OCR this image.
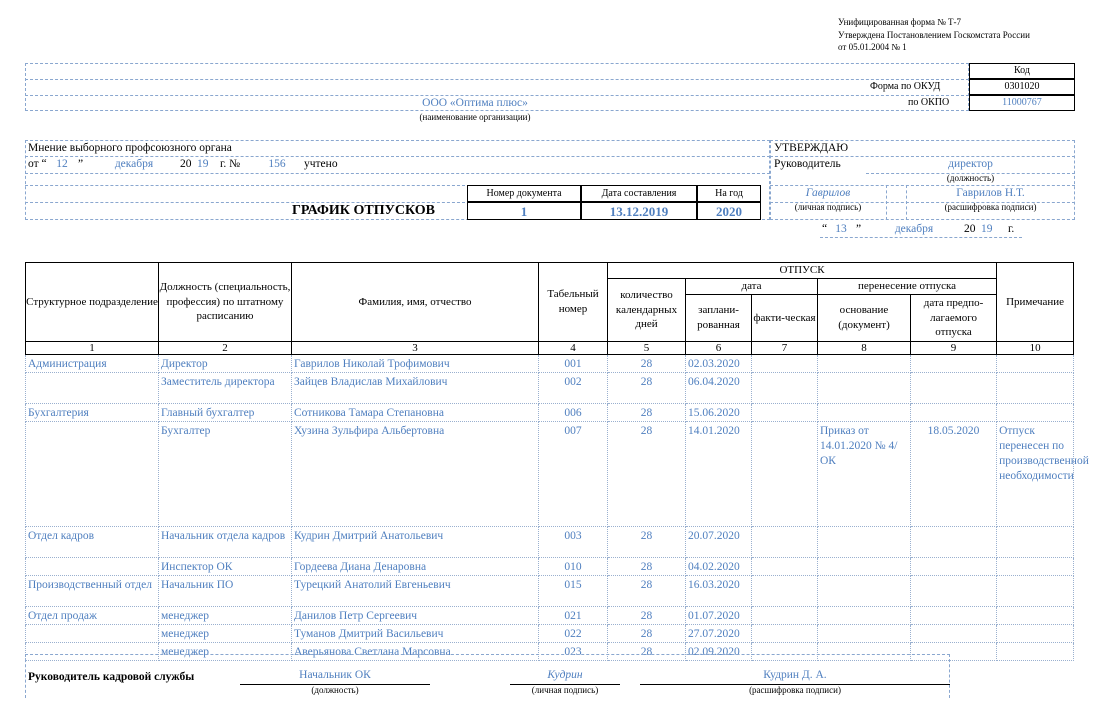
Унифицированная форма № Т-7
Утверждена Постановлением Госкомстата России
от 05.01.2004 № 1
Форма по ОКУД
по ОКПО
Код
0301020
11000767
ООО «Оптима плюс»
(наименование организации)
Мнение выборного профсоюзного органа
от “ 12 ”	декабря	20 19 г. №	156	учтено
ГРАФИК ОТПУСКОВ
Номер документа	Дата составления	На год
1	13.12.2019	2020
УТВЕРЖДАЮ
Руководитель	директор
(должность)
Гаврилов
(личная подпись)
Гаврилов Н.Т.
(расшифровка подписи)
“ 13 ”	декабря	20 19 г.
Структурное подразделение	Должность (специальность, профессия) по штатному расписанию	Фамилия, имя, отчество	Табельный номер	ОТПУСК					Примечание
				количество календарных дней	дата		перенесение отпуска		
					заплани-рованная	факти-ческая	основание (документ)	дата предпо-лагаемого отпуска	
1	2	3	4	5	6	7	8	9	10
Администрация	Директор	Гаврилов Николай Трофимович	001	28	02.03.2020				
	Заместитель директора	Зайцев Владислав Михайлович	002	28	06.04.2020				
Бухгалтерия	Главный бухгалтер	Сотникова Тамара Степановна	006	28	15.06.2020				
	Бухгалтер	Хузина Зульфира Альбертовна	007	28	14.01.2020		Приказ от 14.01.2020 № 4/ОК	18.05.2020	Отпуск перенесен по производственной необходимости
Отдел кадров	Начальник отдела кадров	Кудрин Дмитрий Анатольевич	003	28	20.07.2020				
	Инспектор ОК	Гордеева Диана Денаровна	010	28	04.02.2020				
Производственный отдел	Начальник ПО	Турецкий Анатолий Евгеньевич	015	28	16.03.2020				
Отдел продаж	менеджер	Данилов Петр Сергеевич	021	28	01.07.2020				
	менеджер	Туманов Дмитрий Васильевич	022	28	27.07.2020				
	менеджер	Аверьянова Светлана Марсовна	023	28	02.09.2020				
Руководитель кадровой службы	Начальник ОК
(должность)
Кудрин
(личная подпись)
Кудрин Д. А.
(расшифровка подписи)
